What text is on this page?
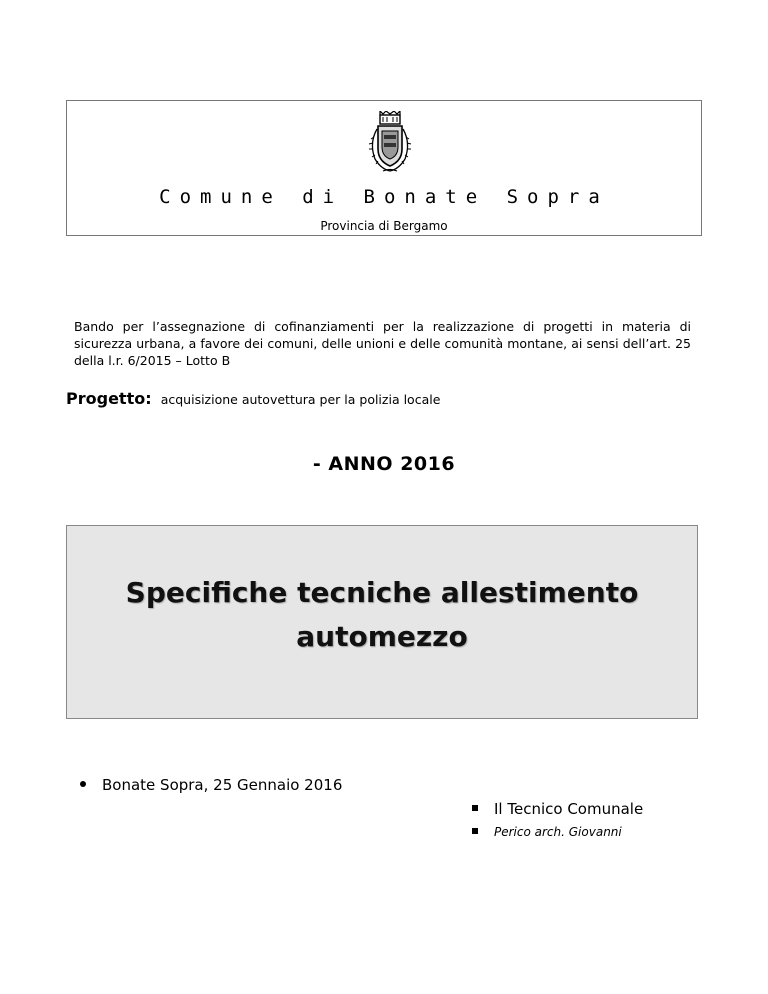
Comune di Bonate Sopra
Provincia di Bergamo
Bando per l’assegnazione di cofinanziamenti per la realizzazione di progetti in materia di sicurezza urbana, a favore dei comuni, delle unioni e delle comunità montane, ai sensi dell’art. 25 della l.r. 6/2015 – Lotto B
Progetto: acquisizione autovettura per la polizia locale
- ANNO 2016
Specifiche tecniche allestimento
automezzo
Bonate Sopra, 25 Gennaio 2016
Il Tecnico Comunale
Perico arch. Giovanni
